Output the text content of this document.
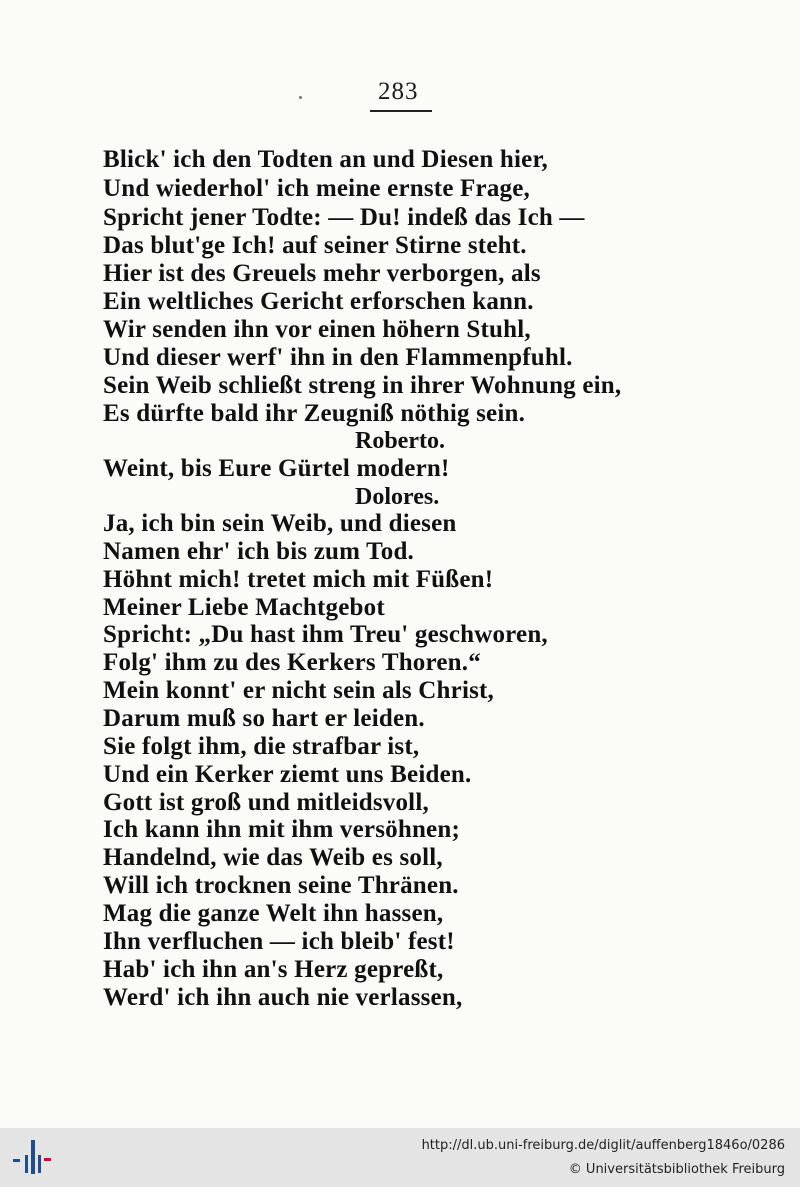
283
Blick' ich den Todten an und Diesen hier,
Und wiederhol' ich meine ernste Frage,
Spricht jener Todte: — Du! indeß das Ich —
Das blut'ge Ich! auf seiner Stirne steht.
Hier ist des Greuels mehr verborgen, als
Ein weltliches Gericht erforschen kann.
Wir senden ihn vor einen höhern Stuhl,
Und dieser werf' ihn in den Flammenpfuhl.
Sein Weib schließt streng in ihrer Wohnung ein,
Es dürfte bald ihr Zeugniß nöthig sein.
Roberto.
Weint, bis Eure Gürtel modern!
Dolores.
Ja, ich bin sein Weib, und diesen
Namen ehr' ich bis zum Tod.
Höhnt mich! tretet mich mit Füßen!
Meiner Liebe Machtgebot
Spricht: „Du hast ihm Treu' geschworen,
Folg' ihm zu des Kerkers Thoren.“
Mein konnt' er nicht sein als Christ,
Darum muß so hart er leiden.
Sie folgt ihm, die strafbar ist,
Und ein Kerker ziemt uns Beiden.
Gott ist groß und mitleidsvoll,
Ich kann ihn mit ihm versöhnen;
Handelnd, wie das Weib es soll,
Will ich trocknen seine Thränen.
Mag die ganze Welt ihn hassen,
Ihn verfluchen — ich bleib' fest!
Hab' ich ihn an's Herz gepreßt,
Werd' ich ihn auch nie verlassen,
http://dl.ub.uni-freiburg.de/diglit/auffenberg1846o/0286
© Universitätsbibliothek Freiburg
